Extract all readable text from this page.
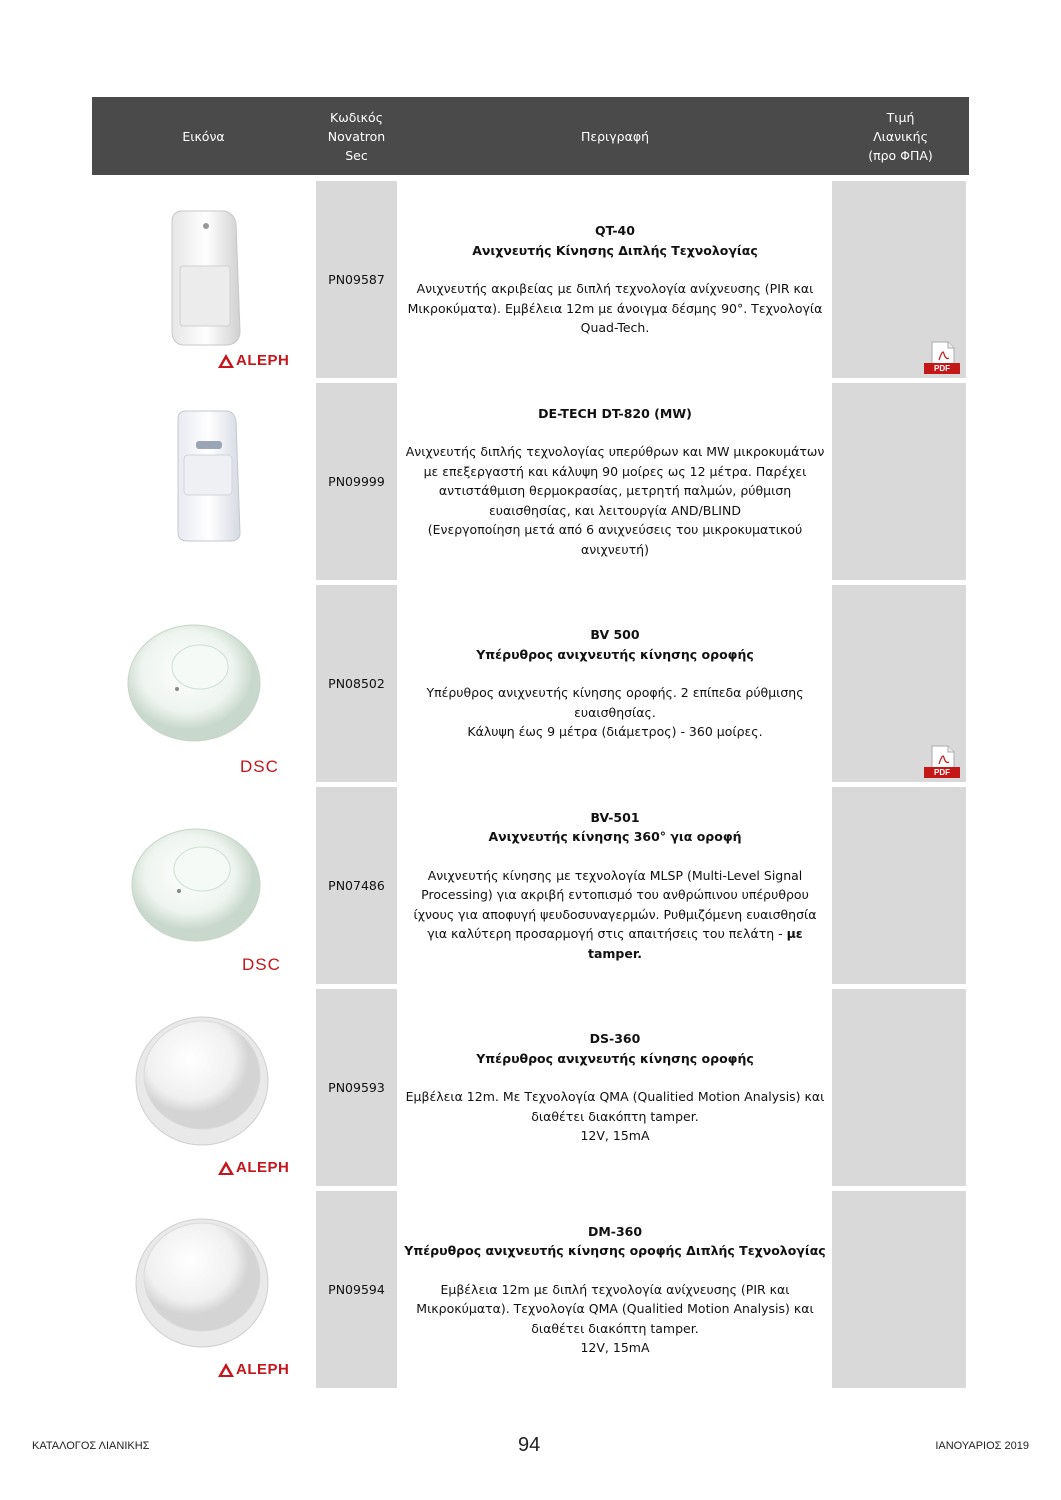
Εικόνα
Κωδικός
Novatron
Sec
Περιγραφή
Τιμή
Λιανικής
(προ ΦΠΑ)
ALEPH
PN09587
QT-40
Ανιχνευτής Κίνησης Διπλής Τεχνολογίας
Ανιχνευτής ακριβείας με διπλή τεχνολογία ανίχνευσης (PIR και
Μικροκύματα). Εμβέλεια 12m με άνοιγμα δέσμης 90°. Τεχνολογία
Quad-Tech.
PDF
PN09999
DE-TECH DT-820 (MW)
Ανιχνευτής διπλής τεχνολογίας υπερύθρων και MW μικροκυμάτων
με επεξεργαστή και κάλυψη 90 μοίρες ως 12 μέτρα. Παρέχει
αντιστάθμιση θερμοκρασίας, μετρητή παλμών, ρύθμιση
ευαισθησίας, και λειτουργία AND/BLIND
(Ενεργοποίηση μετά από 6 ανιχνεύσεις του μικροκυματικού
ανιχνευτή)
DSC
PN08502
BV 500
Υπέρυθρος ανιχνευτής κίνησης οροφής
Υπέρυθρος ανιχνευτής κίνησης οροφής. 2 επίπεδα ρύθμισης
ευαισθησίας.
Κάλυψη έως 9 μέτρα (διάμετρος) - 360 μοίρες.
PDF
DSC
PN07486
BV-501
Ανιχνευτής κίνησης 360° για οροφή
Ανιχνευτής κίνησης με τεχνολογία MLSP (Multi-Level Signal
Processing) για ακριβή εντοπισμό του ανθρώπινου υπέρυθρου
ίχνους για αποφυγή ψευδοσυναγερμών. Ρυθμιζόμενη ευαισθησία
για καλύτερη προσαρμογή στις απαιτήσεις του πελάτη - με tamper.
ALEPH
PN09593
DS-360
Υπέρυθρος ανιχνευτής κίνησης οροφής
Εμβέλεια 12m. Με Τεχνολογία QMA (Qualitied Motion Analysis) και
διαθέτει διακόπτη tamper.
12V, 15mA
ALEPH
PN09594
DM-360
Υπέρυθρος ανιχνευτής κίνησης οροφής Διπλής Τεχνολογίας
Εμβέλεια 12m με διπλή τεχνολογία ανίχνευσης (PIR και
Μικροκύματα). Τεχνολογία QMA (Qualitied Motion Analysis) και
διαθέτει διακόπτη tamper.
12V, 15mA
ΚΑΤΑΛΟΓΟΣ ΛΙΑΝΙΚΗΣ	94	ΙΑΝΟΥΑΡΙΟΣ 2019
